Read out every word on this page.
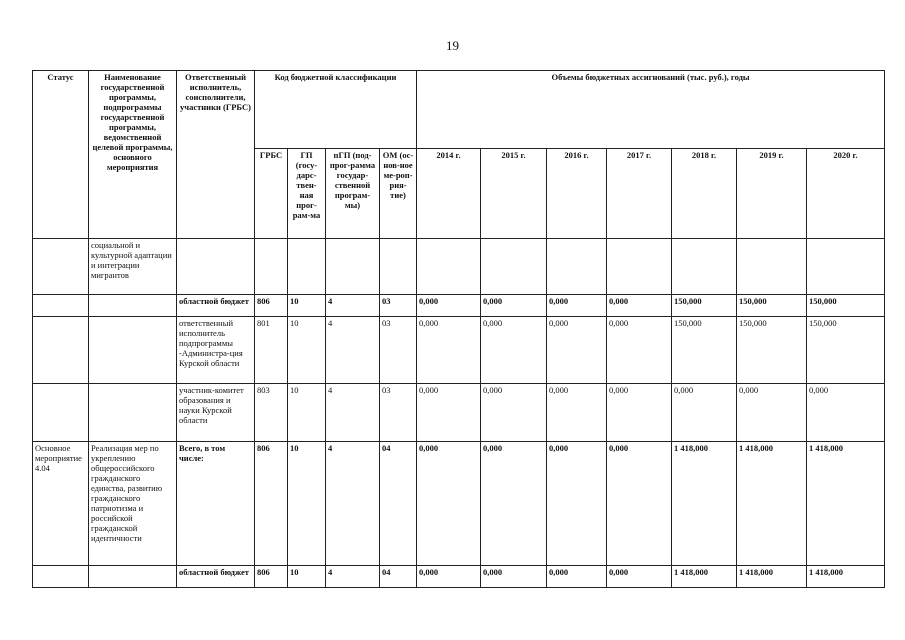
19
Статус	Наименование государственной программы, подпрограммы государственной программы, ведомственной целевой программы, основного мероприятия	Ответственный исполнитель, соисполнители, участники (ГРБС)	Код бюджетной классификации				Объемы бюджетных ассигнований (тыс. руб.), годы						
			ГРБС	ГП (госу-дарс-твен-ная прог-рам-ма	пГП (под-прог-рамма государ-ственной програм-мы)	ОМ (ос-нов-ное ме-роп-рия-тие)	2014 г.	2015 г.	2016 г.	2017 г.	2018 г.	2019 г.	2020 г.
	социальной и культурной адаптации и интеграции мигрантов												
		областной бюджет	806	10	4	03	0,000	0,000	0,000	0,000	150,000	150,000	150,000
		ответственный исполнитель подпрограммы -Администра-ция Курской области	801	10	4	03	0,000	0,000	0,000	0,000	150,000	150,000	150,000
		участник-комитет образования и науки Курской области	803	10	4	03	0,000	0,000	0,000	0,000	0,000	0,000	0,000
Основное мероприятие 4.04	Реализация мер по укреплению общероссийского гражданского единства, развитию гражданского патриотизма и российской гражданской идентичности	Всего, в том числе:	806	10	4	04	0,000	0,000	0,000	0,000	1 418,000	1 418,000	1 418,000
		областной бюджет	806	10	4	04	0,000	0,000	0,000	0,000	1 418,000	1 418,000	1 418,000
